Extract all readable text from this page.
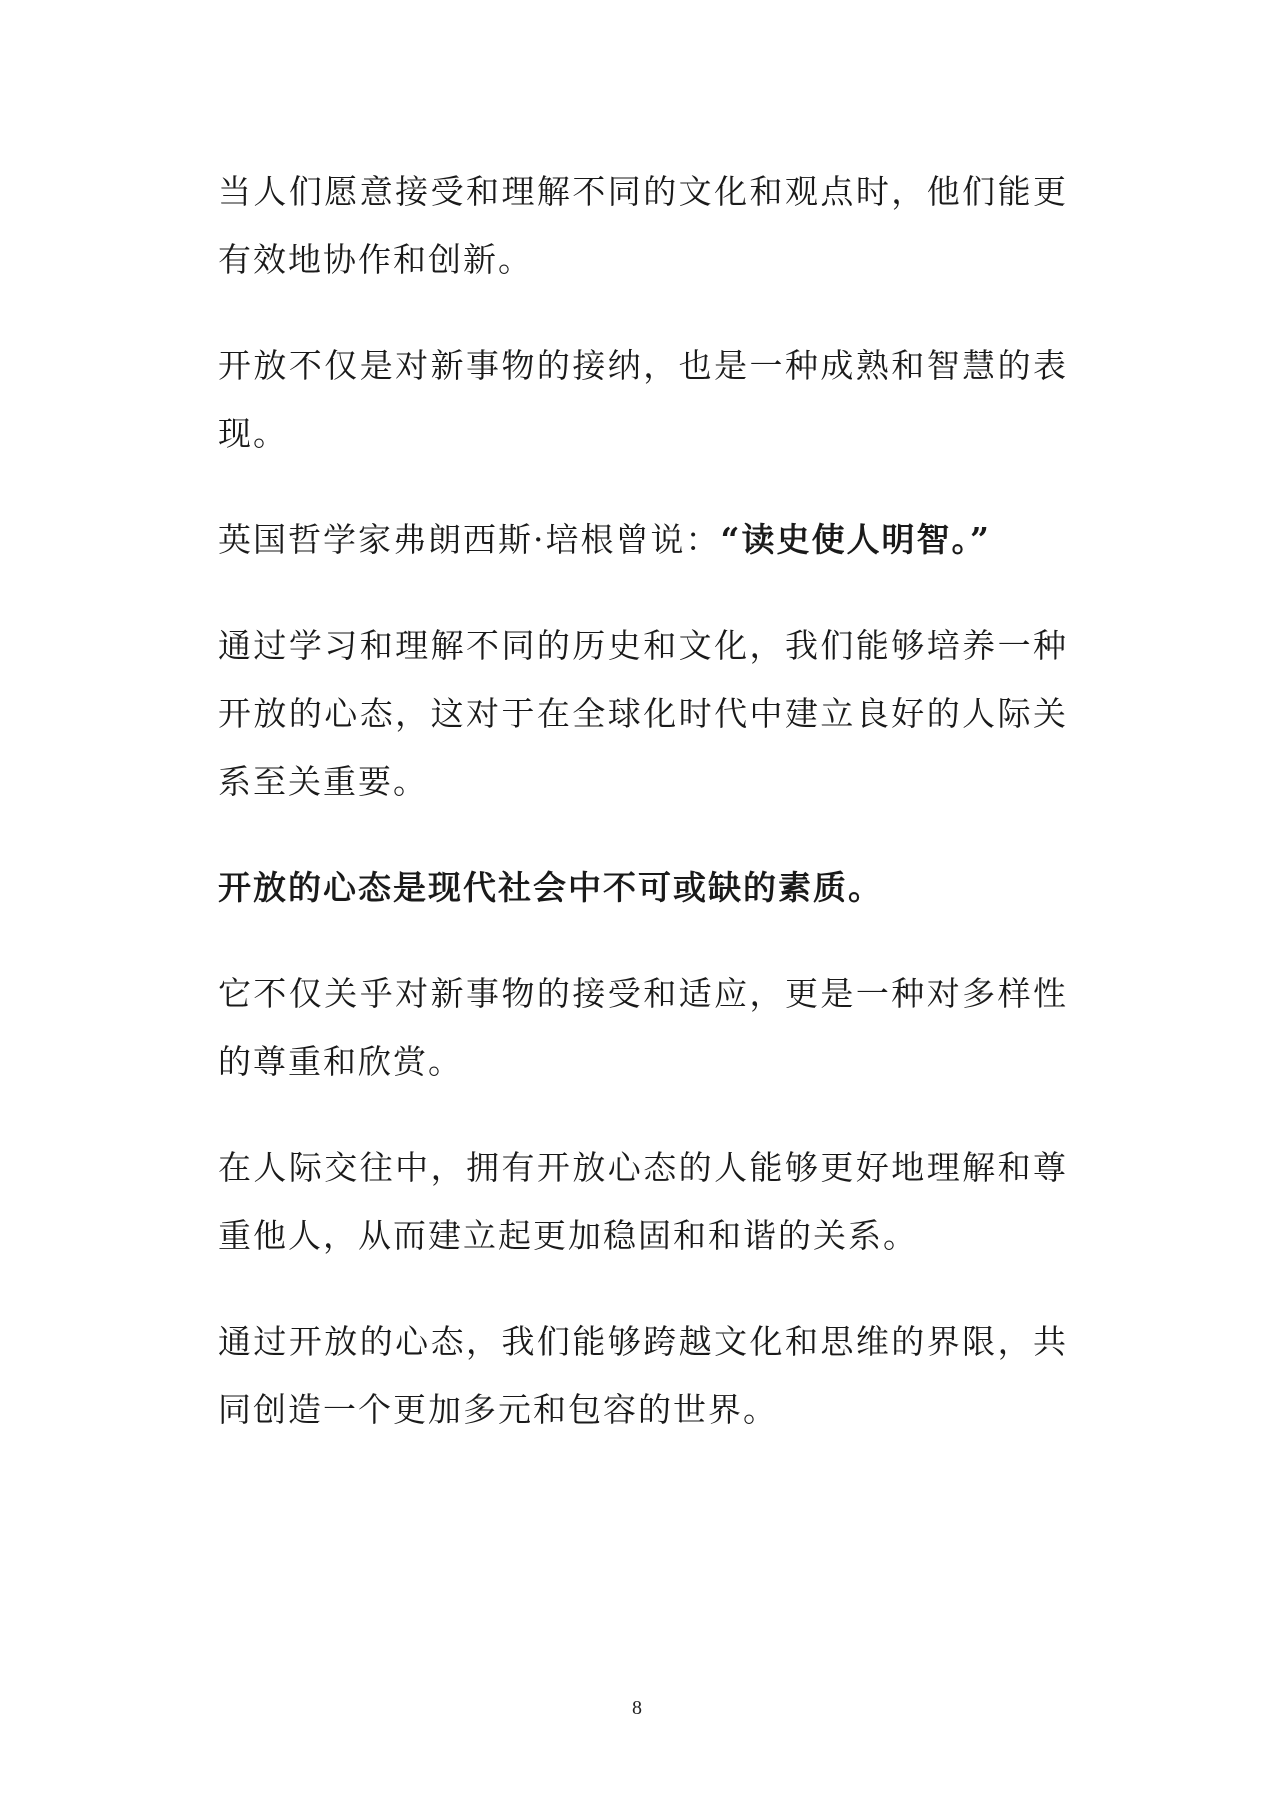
当人们愿意接受和理解不同的文化和观点时，他们能更有效地协作和创新。

开放不仅是对新事物的接纳，也是一种成熟和智慧的表现。

英国哲学家弗朗西斯·培根曾说：“读史使人明智。”

通过学习和理解不同的历史和文化，我们能够培养一种开放的心态，这对于在全球化时代中建立良好的人际关系至关重要。

开放的心态是现代社会中不可或缺的素质。

它不仅关乎对新事物的接受和适应，更是一种对多样性的尊重和欣赏。

在人际交往中，拥有开放心态的人能够更好地理解和尊重他人，从而建立起更加稳固和和谐的关系。

通过开放的心态，我们能够跨越文化和思维的界限，共同创造一个更加多元和包容的世界。

8
